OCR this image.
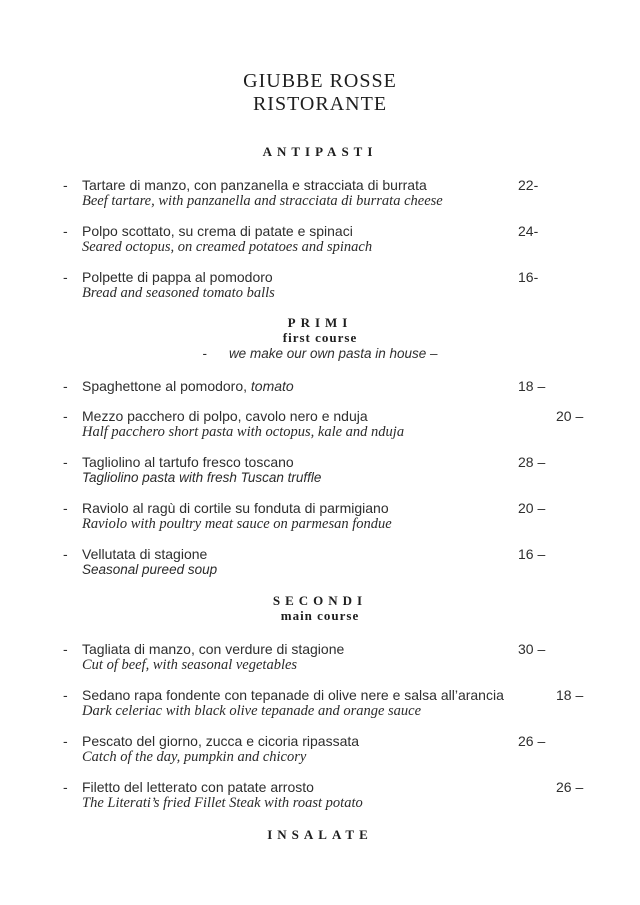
GIUBBE ROSSE
RISTORANTE
ANTIPASTI
- Tartare di manzo, con panzanella e stracciata di burrata
Beef tartare, with panzanella and stracciata di burrata cheese
22-
- Polpo scottato, su crema di patate e spinaci
Seared octopus, on creamed potatoes and spinach
24-
- Polpette di pappa al pomodoro
Bread and seasoned tomato balls
16-
PRIMI
first course
- we make our own pasta in house –
- Spaghettone al pomodoro, tomato	18 –
- Mezzo pacchero di polpo, cavolo nero e nduja
Half pacchero short pasta with octopus, kale and nduja
20 –
- Tagliolino al tartufo fresco toscano
Tagliolino pasta with fresh Tuscan truffle
28 –
- Raviolo al ragù di cortile su fonduta di parmigiano
Raviolo with poultry meat sauce on parmesan fondue
20 –
- Vellutata di stagione
Seasonal pureed soup
16 –
SECONDI
main course
- Tagliata di manzo, con verdure di stagione
Cut of beef, with seasonal vegetables
30 –
- Sedano rapa fondente con tepanade di olive nere e salsa all’arancia
Dark celeriac with black olive tepanade and orange sauce
18 –
- Pescato del giorno, zucca e cicoria ripassata
Catch of the day, pumpkin and chicory
26 –
- Filetto del letterato con patate arrosto
The Literati’s fried Fillet Steak with roast potato
26 –
INSALATE
